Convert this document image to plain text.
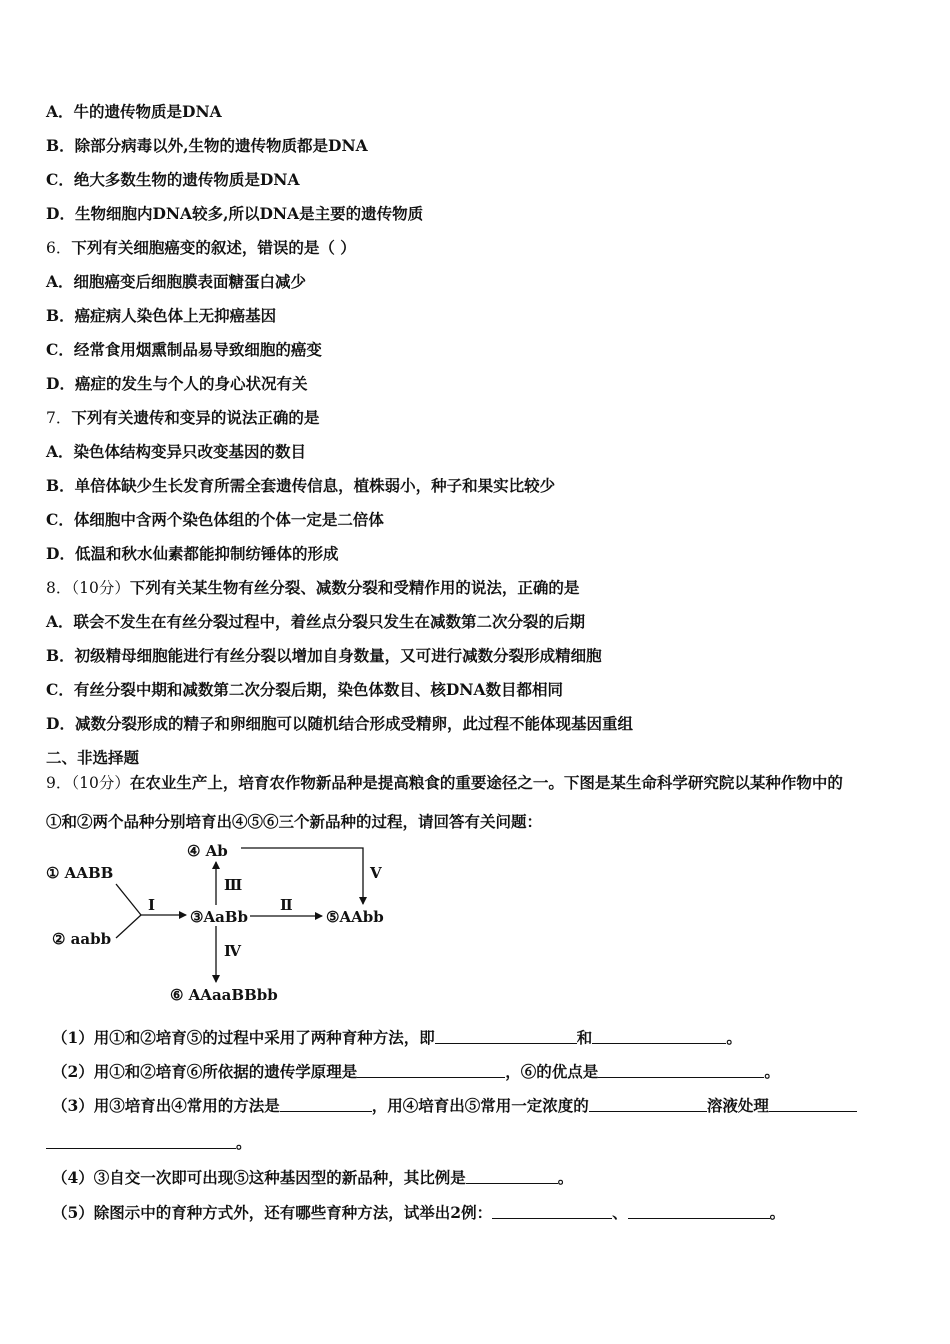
A．牛的遗传物质是DNA
B．除部分病毒以外,生物的遗传物质都是DNA
C．绝大多数生物的遗传物质是DNA
D．生物细胞内DNA较多,所以DNA是主要的遗传物质
6．下列有关细胞癌变的叙述，错误的是（ ）
A．细胞癌变后细胞膜表面糖蛋白减少
B．癌症病人染色体上无抑癌基因
C．经常食用烟熏制品易导致细胞的癌变
D．癌症的发生与个人的身心状况有关
7．下列有关遗传和变异的说法正确的是
A．染色体结构变异只改变基因的数目
B．单倍体缺少生长发育所需全套遗传信息，植株弱小，种子和果实比较少
C．体细胞中含两个染色体组的个体一定是二倍体
D．低温和秋水仙素都能抑制纺锤体的形成
8．（10分）下列有关某生物有丝分裂、减数分裂和受精作用的说法，正确的是
A．联会不发生在有丝分裂过程中，着丝点分裂只发生在减数第二次分裂的后期
B．初级精母细胞能进行有丝分裂以增加自身数量，又可进行减数分裂形成精细胞
C．有丝分裂中期和减数第二次分裂后期，染色体数目、核DNA数目都相同
D．减数分裂形成的精子和卵细胞可以随机结合形成受精卵，此过程不能体现基因重组
二、非选择题
9．（10分）在农业生产上，培育农作物新品种是提高粮食的重要途径之一。下图是某生命科学研究院以某种作物中的
①和②两个品种分别培育出④⑤⑥三个新品种的过程，请回答有关问题：
① AABB
② aabb
③AaBb
④ Ab
⑤AAbb
⑥ AAaaBBbb
I
Ⅲ
Ⅱ
V
Ⅳ
（1）用①和②培育⑤的过程中采用了两种育种方法，即	和	。
（2）用①和②培育⑥所依据的遗传学原理是	，⑥的优点是	。
（3）用③培育出④常用的方法是	，用④培育出⑤常用一定浓度的	溶液处理
。
（4）③自交一次即可出现⑤这种基因型的新品种，其比例是	。
（5）除图示中的育种方式外，还有哪些育种方法，试举出2例：	、	。
